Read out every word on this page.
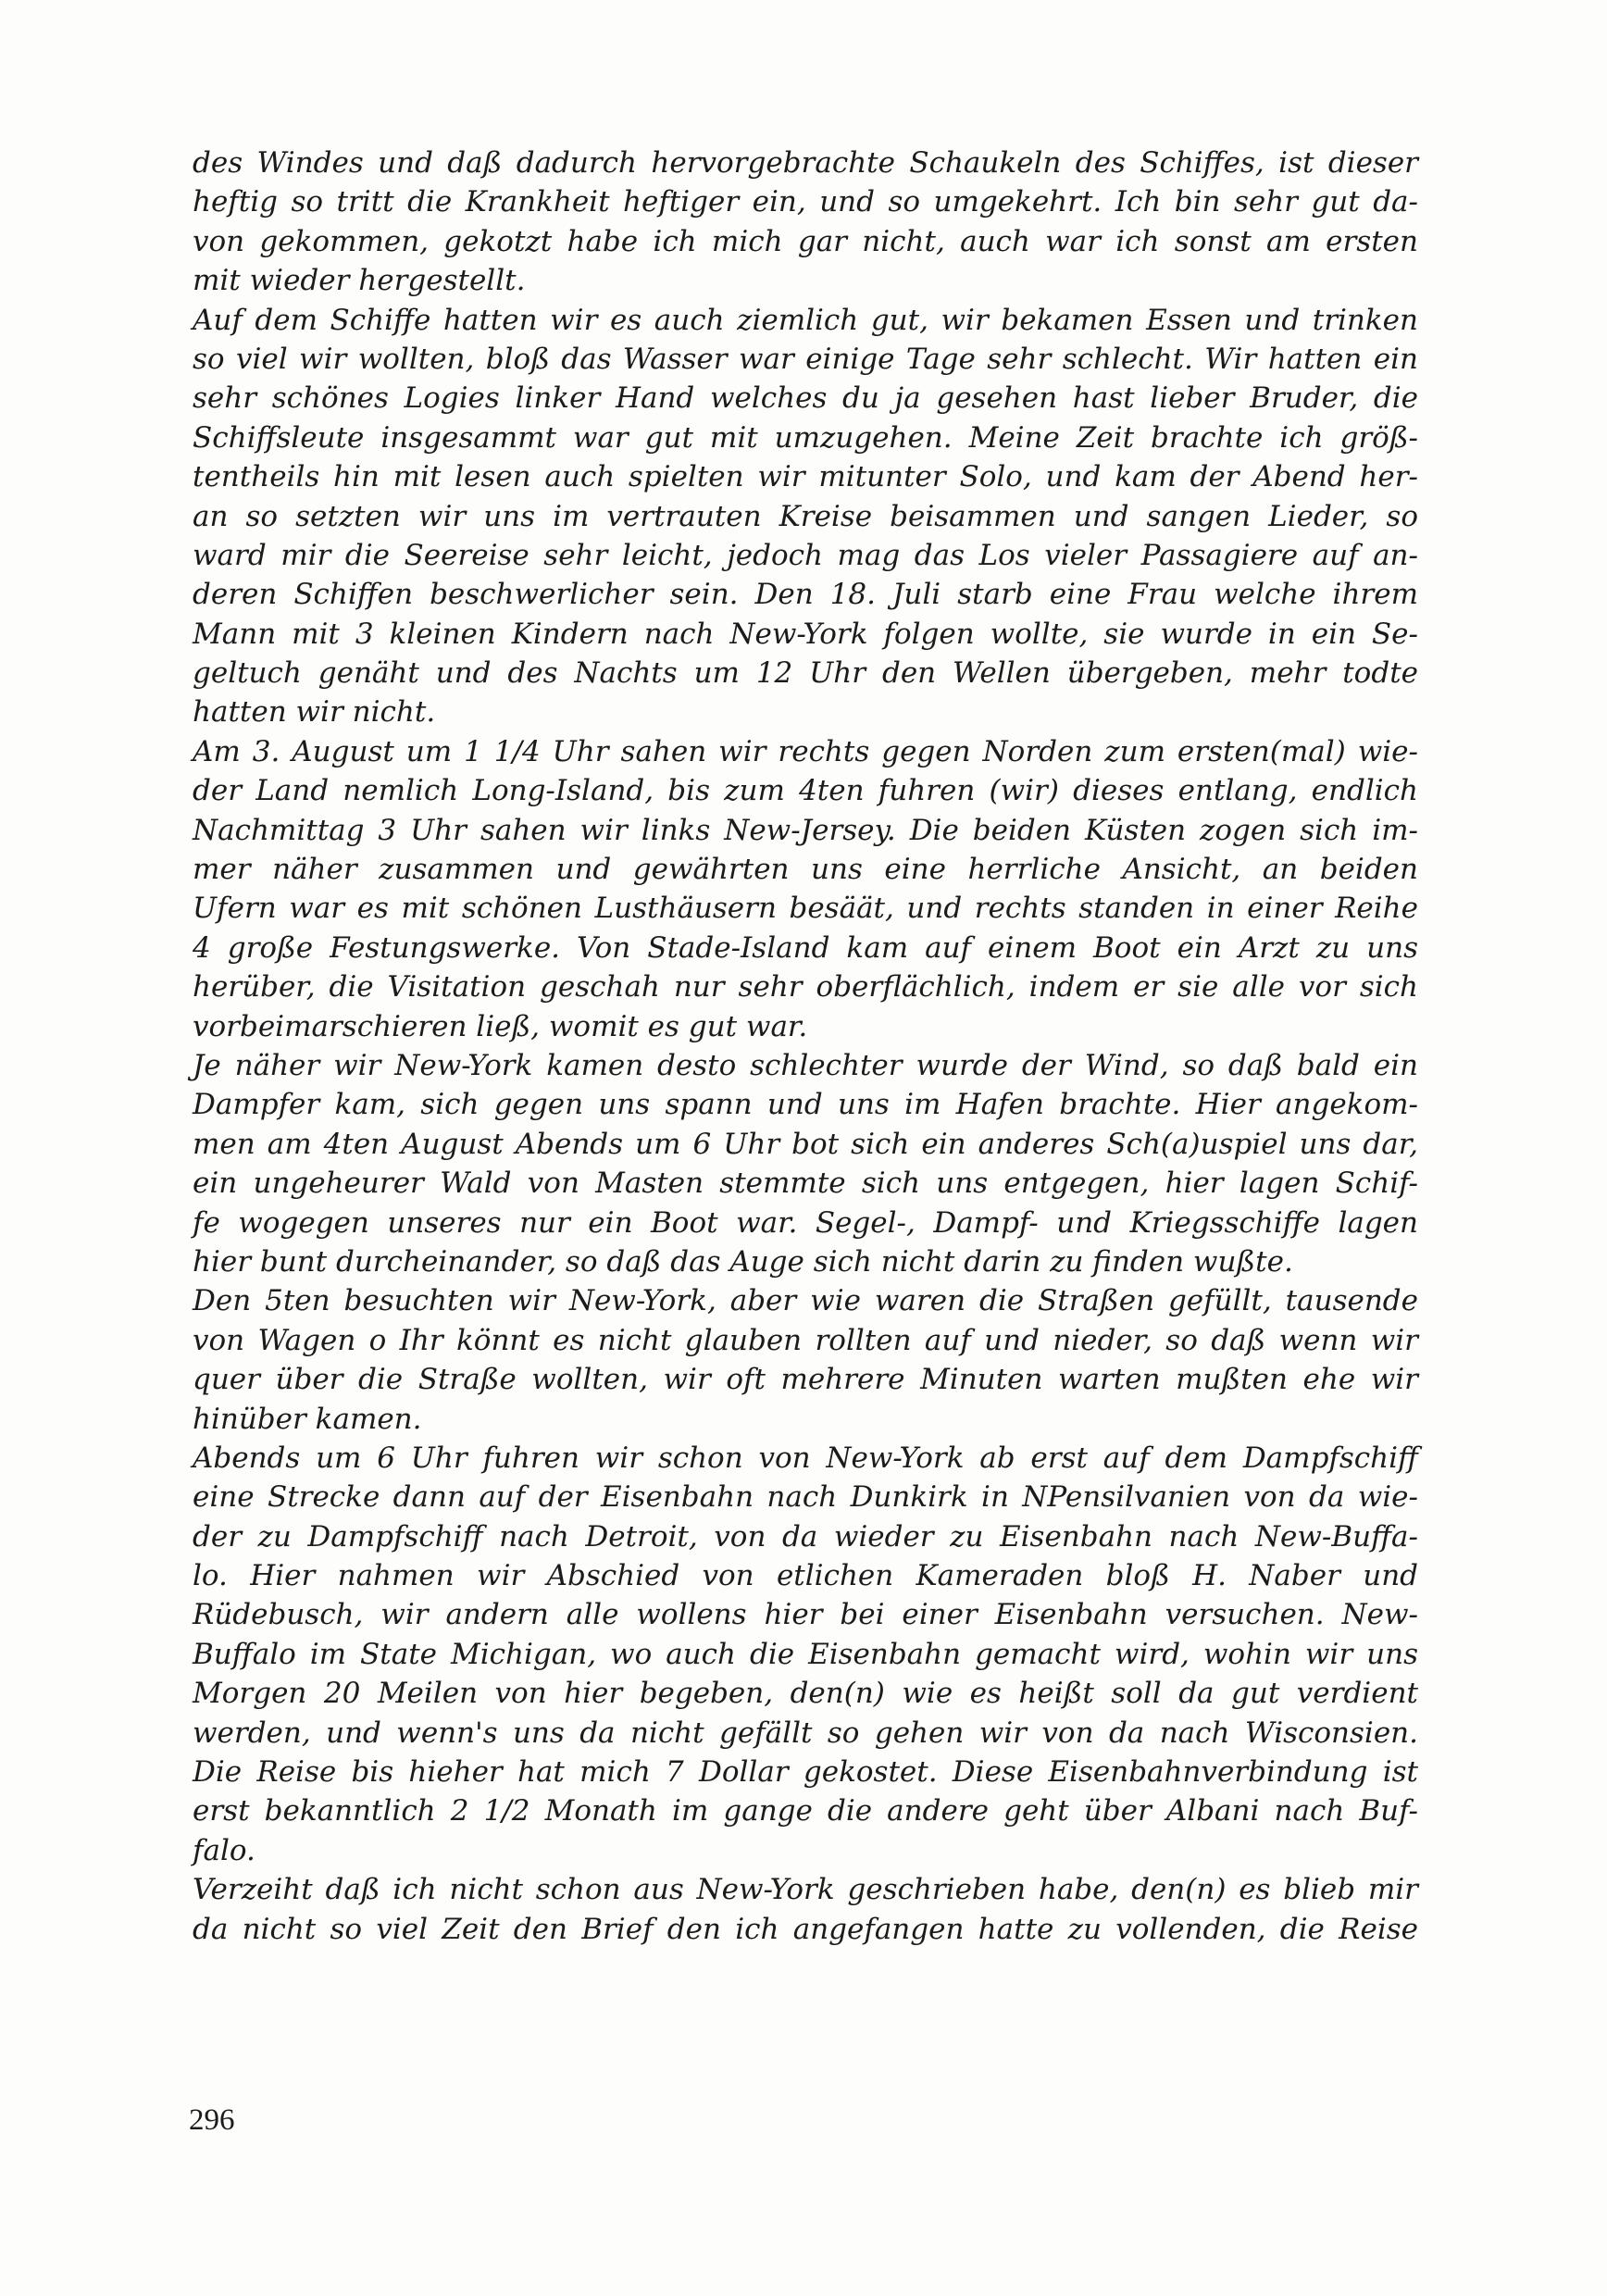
des Windes und daß dadurch hervorgebrachte Schaukeln des Schiffes, ist dieser
heftig so tritt die Krankheit heftiger ein, und so umgekehrt. Ich bin sehr gut da-
von gekommen, gekotzt habe ich mich gar nicht, auch war ich sonst am ersten
mit wieder hergestellt.
Auf dem Schiffe hatten wir es auch ziemlich gut, wir bekamen Essen und trinken
so viel wir wollten, bloß das Wasser war einige Tage sehr schlecht. Wir hatten ein
sehr schönes Logies linker Hand welches du ja gesehen hast lieber Bruder, die
Schiffsleute insgesammt war gut mit umzugehen. Meine Zeit brachte ich größ-
tentheils hin mit lesen auch spielten wir mitunter Solo, und kam der Abend her-
an so setzten wir uns im vertrauten Kreise beisammen und sangen Lieder, so
ward mir die Seereise sehr leicht, jedoch mag das Los vieler Passagiere auf an-
deren Schiffen beschwerlicher sein. Den 18. Juli starb eine Frau welche ihrem
Mann mit 3 kleinen Kindern nach New-York folgen wollte, sie wurde in ein Se-
geltuch genäht und des Nachts um 12 Uhr den Wellen übergeben, mehr todte
hatten wir nicht.
Am 3. August um 1 1/4 Uhr sahen wir rechts gegen Norden zum ersten(mal) wie-
der Land nemlich Long-Island, bis zum 4ten fuhren (wir) dieses entlang, endlich
Nachmittag 3 Uhr sahen wir links New-Jersey. Die beiden Küsten zogen sich im-
mer näher zusammen und gewährten uns eine herrliche Ansicht, an beiden
Ufern war es mit schönen Lusthäusern besäät, und rechts standen in einer Reihe
4 große Festungswerke. Von Stade-Island kam auf einem Boot ein Arzt zu uns
herüber, die Visitation geschah nur sehr oberflächlich, indem er sie alle vor sich
vorbeimarschieren ließ, womit es gut war.
Je näher wir New-York kamen desto schlechter wurde der Wind, so daß bald ein
Dampfer kam, sich gegen uns spann und uns im Hafen brachte. Hier angekom-
men am 4ten August Abends um 6 Uhr bot sich ein anderes Sch(a)uspiel uns dar,
ein ungeheurer Wald von Masten stemmte sich uns entgegen, hier lagen Schif-
fe wogegen unseres nur ein Boot war. Segel-, Dampf- und Kriegsschiffe lagen
hier bunt durcheinander, so daß das Auge sich nicht darin zu finden wußte.
Den 5ten besuchten wir New-York, aber wie waren die Straßen gefüllt, tausende
von Wagen o Ihr könnt es nicht glauben rollten auf und nieder, so daß wenn wir
quer über die Straße wollten, wir oft mehrere Minuten warten mußten ehe wir
hinüber kamen.
Abends um 6 Uhr fuhren wir schon von New-York ab erst auf dem Dampfschiff
eine Strecke dann auf der Eisenbahn nach Dunkirk in NPensilvanien von da wie-
der zu Dampfschiff nach Detroit, von da wieder zu Eisenbahn nach New-Buffa-
lo. Hier nahmen wir Abschied von etlichen Kameraden bloß H. Naber und
Rüdebusch, wir andern alle wollens hier bei einer Eisenbahn versuchen. New-
Buffalo im State Michigan, wo auch die Eisenbahn gemacht wird, wohin wir uns
Morgen 20 Meilen von hier begeben, den(n) wie es heißt soll da gut verdient
werden, und wenn's uns da nicht gefällt so gehen wir von da nach Wisconsien.
Die Reise bis hieher hat mich 7 Dollar gekostet. Diese Eisenbahnverbindung ist
erst bekanntlich 2 1/2 Monath im gange die andere geht über Albani nach Buf-
falo.
Verzeiht daß ich nicht schon aus New-York geschrieben habe, den(n) es blieb mir
da nicht so viel Zeit den Brief den ich angefangen hatte zu vollenden, die Reise
296
